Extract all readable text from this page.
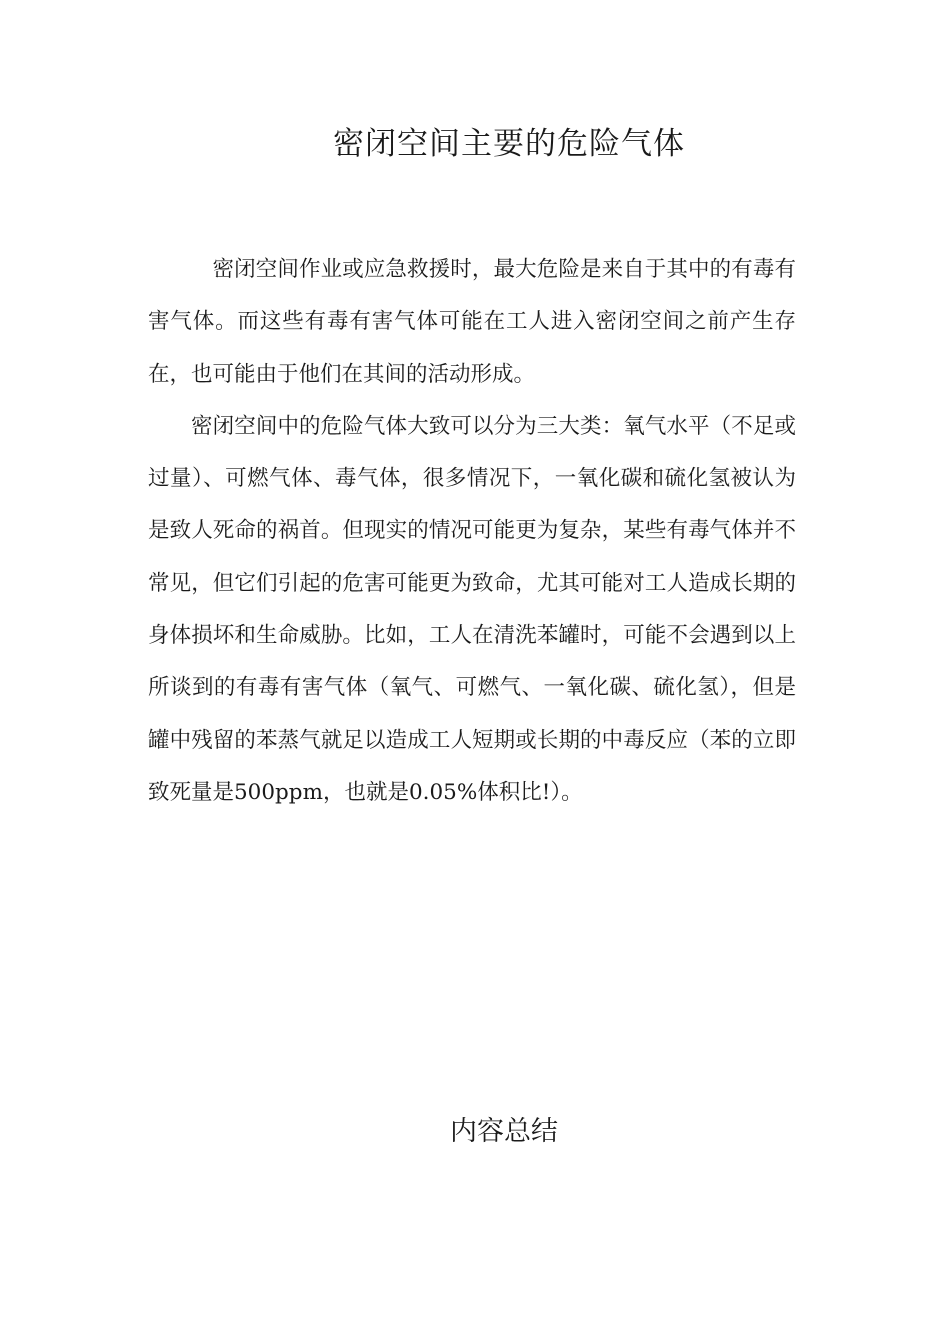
密闭空间主要的危险气体

密闭空间作业或应急救援时，最大危险是来自于其中的有毒有害气体。而这些有毒有害气体可能在工人进入密闭空间之前产生存在，也可能由于他们在其间的活动形成。

密闭空间中的危险气体大致可以分为三大类：氧气水平（不足或过量）、可燃气体、毒气体，很多情况下，一氧化碳和硫化氢被认为是致人死命的祸首。但现实的情况可能更为复杂，某些有毒气体并不常见，但它们引起的危害可能更为致命，尤其可能对工人造成长期的身体损坏和生命威胁。比如，工人在清洗苯罐时，可能不会遇到以上所谈到的有毒有害气体（氧气、可燃气、一氧化碳、硫化氢），但是罐中残留的苯蒸气就足以造成工人短期或长期的中毒反应（苯的立即致死量是500ppm，也就是0.05%体积比!）。

内容总结
